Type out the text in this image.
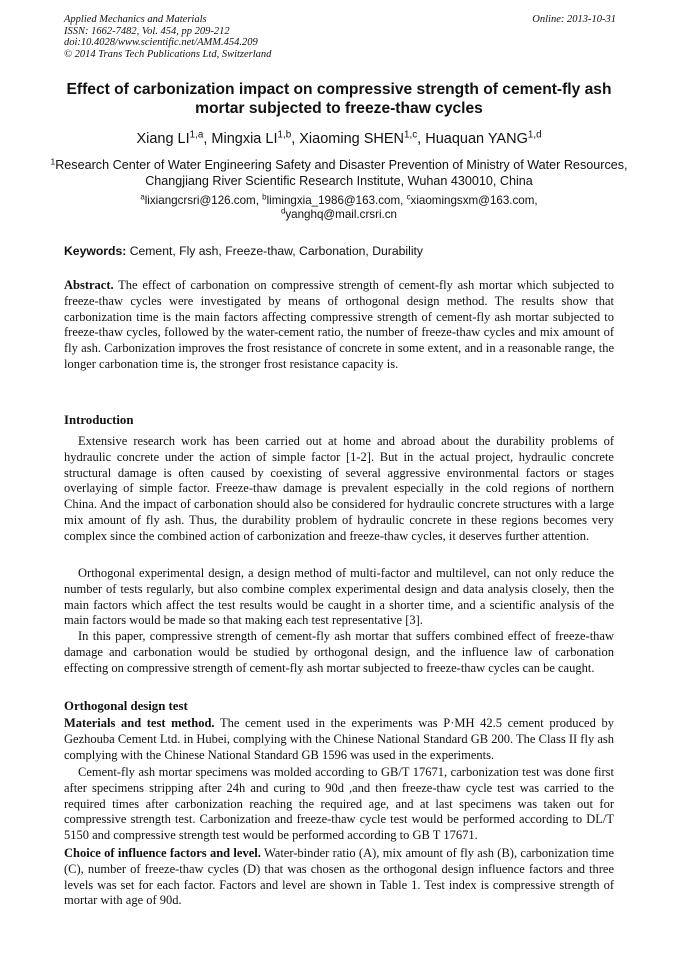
Applied Mechanics and Materials
ISSN: 1662-7482, Vol. 454, pp 209-212
doi:10.4028/www.scientific.net/AMM.454.209
© 2014 Trans Tech Publications Ltd, Switzerland
Online: 2013-10-31
Effect of carbonization impact on compressive strength of cement-fly ash mortar subjected to freeze-thaw cycles
Xiang LI$^{1,a}$, Mingxia LI$^{1,b}$, Xiaoming SHEN$^{1,c}$, Huaquan YANG$^{1,d}$
$^1$Research Center of Water Engineering Safety and Disaster Prevention of Ministry of Water Resources, Changjiang River Scientific Research Institute, Wuhan 430010, China
$^a$lixiangcrsri@126.com, $^b$limingxia_1986@163.com, $^c$xiaomingsxm@163.com,
$^d$yanghq@mail.crsri.cn
Keywords: Cement, Fly ash, Freeze-thaw, Carbonation, Durability

Abstract. The effect of carbonation on compressive strength of cement-fly ash mortar which subjected to freeze-thaw cycles were investigated by means of orthogonal design method. The results show that carbonization time is the main factors affecting compressive strength of cement-fly ash mortar subjected to freeze-thaw cycles, followed by the water-cement ratio, the number of freeze-thaw cycles and mix amount of fly ash. Carbonization improves the frost resistance of concrete in some extent, and in a reasonable range, the longer carbonation time is, the stronger frost resistance capacity is.

Introduction

Extensive research work has been carried out at home and abroad about the durability problems of hydraulic concrete under the action of simple factor [1-2]. But in the actual project, hydraulic concrete structural damage is often caused by coexisting of several aggressive environmental factors or stages overlaying of simple factor. Freeze-thaw damage is prevalent especially in the cold regions of northern China. And the impact of carbonation should also be considered for hydraulic concrete structures with a large mix amount of fly ash. Thus, the durability problem of hydraulic concrete in these regions becomes very complex since the combined action of carbonization and freeze-thaw cycles, it deserves further attention.

Orthogonal experimental design, a design method of multi-factor and multilevel, can not only reduce the number of tests regularly, but also combine complex experimental design and data analysis closely, then the main factors which affect the test results would be caught in a shorter time, and a scientific analysis of the main factors would be made so that making each test representative [3].

In this paper, compressive strength of cement-fly ash mortar that suffers combined effect of freeze-thaw damage and carbonation would be studied by orthogonal design, and the influence law of carbonation effecting on compressive strength of cement-fly ash mortar subjected to freeze-thaw cycles can be caught.

Orthogonal design test

Materials and test method. The cement used in the experiments was P·MH 42.5 cement produced by Gezhouba Cement Ltd. in Hubei, complying with the Chinese National Standard GB 200. The Class II fly ash complying with the Chinese National Standard GB 1596 was used in the experiments.

Cement-fly ash mortar specimens was molded according to GB/T 17671, carbonization test was done first after specimens stripping after 24h and curing to 90d ,and then freeze-thaw cycle test was carried to the required times after carbonization reaching the required age, and at last specimens was taken out for compressive strength test. Carbonization and freeze-thaw cycle test would be performed according to DL/T 5150 and compressive strength test would be performed according to GB T 17671.

Choice of influence factors and level. Water-binder ratio (A), mix amount of fly ash (B), carbonization time (C), number of freeze-thaw cycles (D) that was chosen as the orthogonal design influence factors and three levels was set for each factor. Factors and level are shown in Table 1. Test index is compressive strength of mortar with age of 90d.
